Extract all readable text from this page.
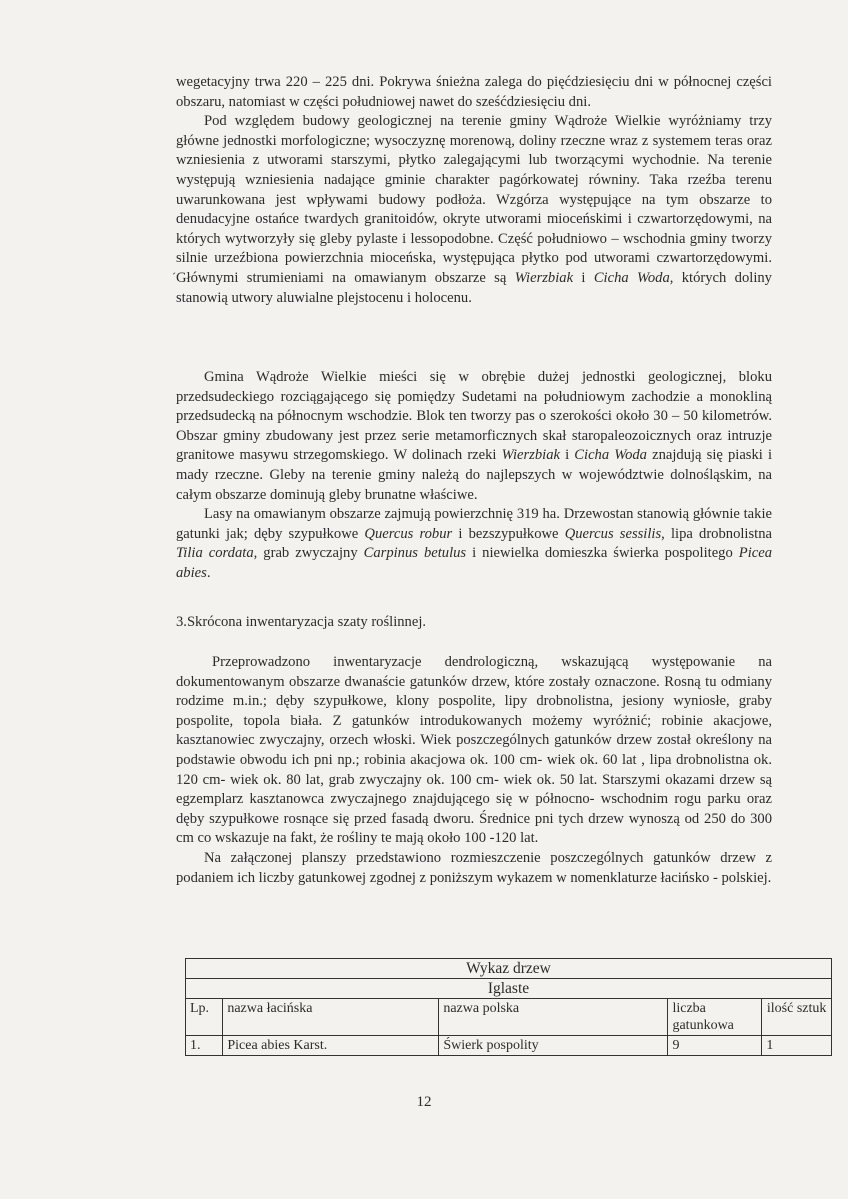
wegetacyjny trwa 220 – 225 dni. Pokrywa śnieżna zalega do pięćdziesięciu dni w północnej części obszaru, natomiast w części południowej nawet do sześćdziesięciu dni.

Pod względem budowy geologicznej na terenie gminy Wądroże Wielkie wyróżniamy trzy główne jednostki morfologiczne; wysoczyznę morenową, doliny rzeczne wraz z systemem teras oraz wzniesienia z utworami starszymi, płytko zalegającymi lub tworzącymi wychodnie. Na terenie występują wzniesienia nadające gminie charakter pagórkowatej równiny. Taka rzeźba terenu uwarunkowana jest wpływami budowy podłoża. Wzgórza występujące na tym obszarze to denudacyjne ostańce twardych granitoidów, okryte utworami mioceńskimi i czwartorzędowymi, na których wytworzyły się gleby pylaste i lessopodobne. Część południowo – wschodnia gminy tworzy silnie urzeźbiona powierzchnia mioceńska, występująca płytko pod utworami czwartorzędowymi. Głównymi strumieniami na omawianym obszarze są Wierzbiak i Cicha Woda, których doliny stanowią utwory aluwialne plejstocenu i holocenu.

ˊ

Gmina Wądroże Wielkie mieści się w obrębie dużej jednostki geologicznej, bloku przedsudeckiego rozciągającego się pomiędzy Sudetami na południowym zachodzie a monokliną przedsudecką na północnym wschodzie. Blok ten tworzy pas o szerokości około 30 – 50 kilometrów. Obszar gminy zbudowany jest przez serie metamorficznych skał staropaleozoicznych oraz intruzje granitowe masywu strzegomskiego. W dolinach rzeki Wierzbiak i Cicha Woda znajdują się piaski i mady rzeczne. Gleby na terenie gminy należą do najlepszych w województwie dolnośląskim, na całym obszarze dominują gleby brunatne właściwe.

Lasy na omawianym obszarze zajmują powierzchnię 319 ha. Drzewostan stanowią głównie takie gatunki jak; dęby szypułkowe Quercus robur i bezszypułkowe Quercus sessilis, lipa drobnolistna Tilia cordata, grab zwyczajny Carpinus betulus i niewielka domieszka świerka pospolitego Picea abies.

3.Skrócona inwentaryzacja szaty roślinnej.

Przeprowadzono inwentaryzacje dendrologiczną, wskazującą występowanie na dokumentowanym obszarze dwanaście gatunków drzew, które zostały oznaczone. Rosną tu odmiany rodzime m.in.; dęby szypułkowe, klony pospolite, lipy drobnolistna, jesiony wyniosłe, graby pospolite, topola biała. Z gatunków introdukowanych możemy wyróżnić; robinie akacjowe, kasztanowiec zwyczajny, orzech włoski. Wiek poszczególnych gatunków drzew został określony na podstawie obwodu ich pni np.; robinia akacjowa ok. 100 cm- wiek ok. 60 lat , lipa drobnolistna ok. 120 cm- wiek ok. 80 lat, grab zwyczajny ok. 100 cm- wiek ok. 50 lat. Starszymi okazami drzew są egzemplarz kasztanowca zwyczajnego znajdującego się w północno- wschodnim rogu parku oraz dęby szypułkowe rosnące się przed fasadą dworu. Średnice pni tych drzew wynoszą od 250 do 300 cm co wskazuje na fakt, że rośliny te mają około 100 -120 lat.

Na załączonej planszy przedstawiono rozmieszczenie poszczególnych gatunków drzew z podaniem ich liczby gatunkowej zgodnej z poniższym wykazem w nomenklaturze łacińsko - polskiej.

Wykaz drzew				
Iglaste				
Lp.	nazwa łacińska	nazwa polska	liczba gatunkowa	ilość sztuk
1.	Picea abies Karst.	Świerk pospolity	9	1
12
